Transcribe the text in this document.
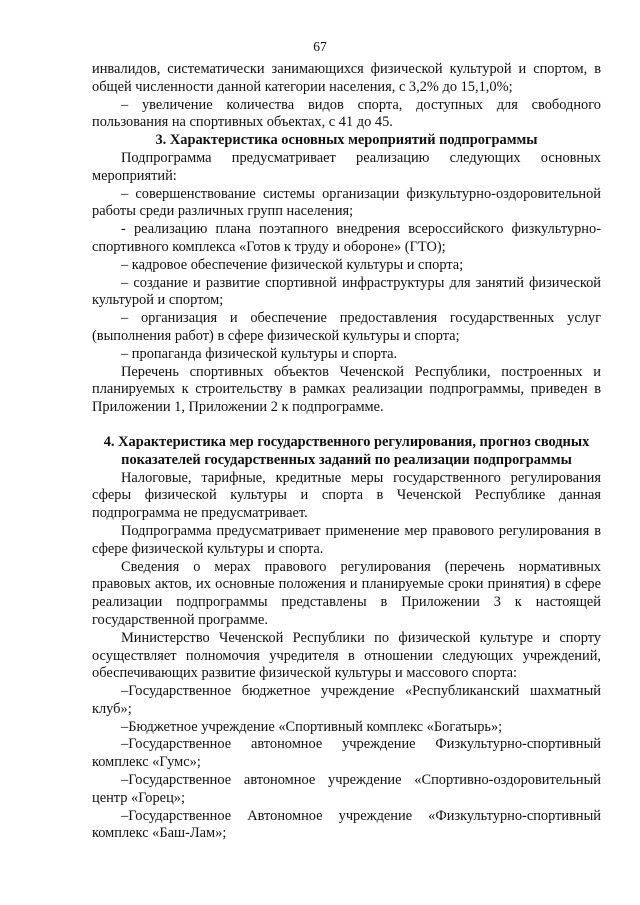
67
инвалидов, систематически занимающихся физической культурой и спортом, в общей численности данной категории населения, с 3,2% до 15,1,0%;
– увеличение количества видов спорта, доступных для свободного пользования на спортивных объектах, с 41 до 45.
3. Характеристика основных мероприятий подпрограммы
Подпрограмма предусматривает реализацию следующих основных мероприятий:
– совершенствование системы организации физкультурно-оздоровительной работы среди различных групп населения;
- реализацию плана поэтапного внедрения всероссийского физкультурно-спортивного комплекса «Готов к труду и обороне» (ГТО);
– кадровое обеспечение физической культуры и спорта;
– создание и развитие спортивной инфраструктуры для занятий физической культурой и спортом;
– организация и обеспечение предоставления государственных услуг (выполнения работ) в сфере физической культуры и спорта;
– пропаганда физической культуры и спорта.
Перечень спортивных объектов Чеченской Республики, построенных и планируемых к строительству в рамках реализации подпрограммы, приведен в Приложении 1, Приложении 2 к подпрограмме.
4. Характеристика мер государственного регулирования, прогноз сводных показателей государственных заданий по реализации подпрограммы
Налоговые, тарифные, кредитные меры государственного регулирования сферы физической культуры и спорта в Чеченской Республике данная подпрограмма не предусматривает.
Подпрограмма предусматривает применение мер правового регулирования в сфере физической культуры и спорта.
Сведения о мерах правового регулирования (перечень нормативных правовых актов, их основные положения и планируемые сроки принятия) в сфере реализации подпрограммы представлены в Приложении 3 к настоящей государственной программе.
Министерство Чеченской Республики по физической культуре и спорту осуществляет полномочия учредителя в отношении следующих учреждений, обеспечивающих развитие физической культуры и массового спорта:
–Государственное бюджетное учреждение «Республиканский шахматный клуб»;
–Бюджетное учреждение «Спортивный комплекс «Богатырь»;
–Государственное автономное учреждение Физкультурно-спортивный комплекс «Гумс»;
–Государственное автономное учреждение «Спортивно-оздоровительный центр «Горец»;
–Государственное Автономное учреждение «Физкультурно-спортивный комплекс «Баш-Лам»;
